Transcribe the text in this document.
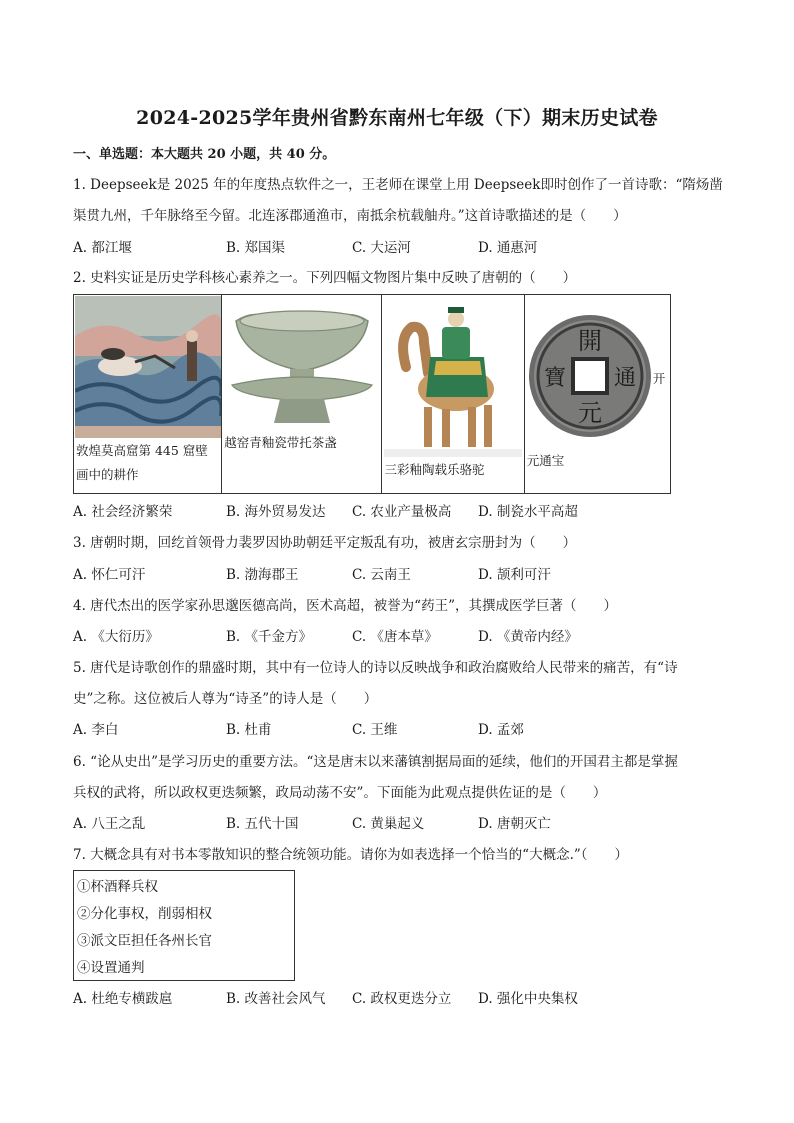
2024-2025学年贵州省黔东南州七年级（下）期末历史试卷
一、单选题：本大题共 20 小题，共 40 分。
1. Deepseek是 2025 年的年度热点软件之一，王老师在课堂上用 Deepseek即时创作了一首诗歌：“隋炀凿
渠贯九州，千年脉络至今留。北连涿郡通渔市，南抵余杭载舳舟。”这首诗歌描述的是（　　）
A. 都江堰	B. 郑国渠	C. 大运河	D. 通惠河
2. 史料实证是历史学科核心素养之一。下列四幅文物图片集中反映了唐朝的（　　）
敦煌莫高窟第 445 窟壁
画中的耕作

越窑青釉瓷带托茶盏

三彩釉陶载乐骆驼

開
通
元
寶	开
元通宝
A. 社会经济繁荣	B. 海外贸易发达 C. 农业产量极高 D. 制瓷水平高超
3. 唐朝时期，回纥首领骨力裴罗因协助朝廷平定叛乱有功，被唐玄宗册封为（　　）
A. 怀仁可汗	B. 渤海郡王	C. 云南王	D. 颉利可汗
4. 唐代杰出的医学家孙思邈医德高尚，医术高超，被誉为“药王”，其撰成医学巨著（　　）
A. 《大衍历》	B. 《千金方》	C. 《唐本草》	D. 《黄帝内经》
5. 唐代是诗歌创作的鼎盛时期，其中有一位诗人的诗以反映战争和政治腐败给人民带来的痛苦，有“诗
史”之称。这位被后人尊为“诗圣”的诗人是（　　）
A. 李白	B. 杜甫	C. 王维	D. 孟郊
6. “论从史出”是学习历史的重要方法。“这是唐末以来藩镇割据局面的延续，他们的开国君主都是掌握
兵权的武将，所以政权更迭频繁，政局动荡不安”。下面能为此观点提供佐证的是（　　）
A. 八王之乱	B. 五代十国	C. 黄巢起义	D. 唐朝灭亡
7. 大概念具有对书本零散知识的整合统领功能。请你为如表选择一个恰当的“大概念.”（　　）
①杯酒释兵权
②分化事权，削弱相权
③派文臣担任各州长官
④设置通判
A. 杜绝专横跋扈	B. 改善社会风气 C. 政权更迭分立 D. 强化中央集权
